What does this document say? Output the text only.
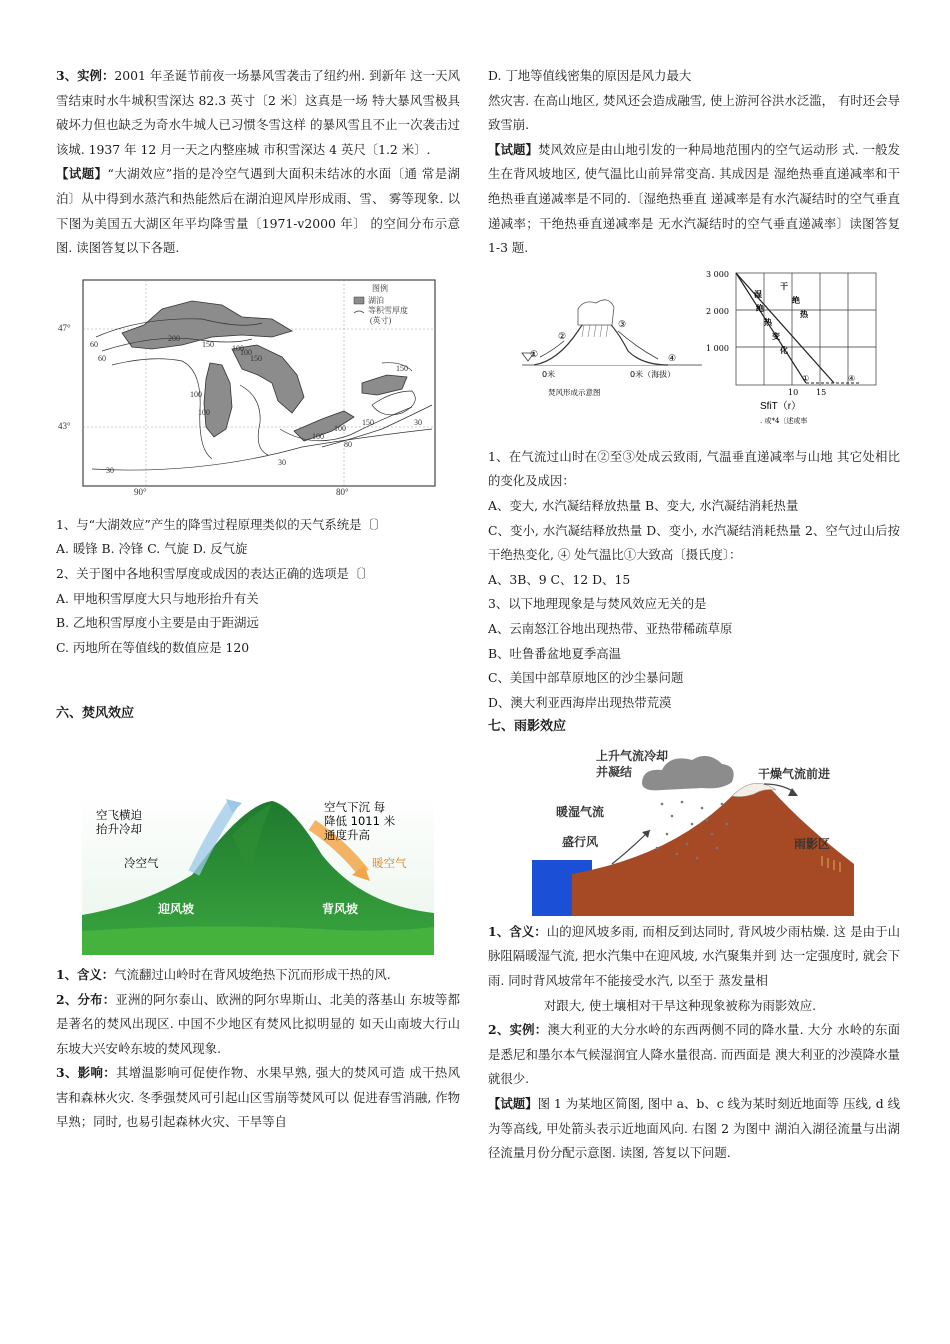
3、实例：2001 年圣诞节前夜一场暴风雪袭击了纽约州. 到新年 这一天风雪结束时水牛城积雪深达 82.3 英寸〔2 米〕这真是一场 特大暴风雪极具破坏力但也缺乏为奇水牛城人已习惯冬雪这样 的暴风雪且不止一次袭击过该城. 1937 年 12 月一天之内整座城 市积雪深达 4 英尺〔1.2 米〕.

【试题】“大湖效应”指的是冷空气遇到大面积未结冰的水面〔通 常是湖泊〕从中得到水蒸汽和热能然后在湖泊迎风岸形成雨、雪、 雾等现象. 以下图为美国五大湖区年平均降雪量〔1971-v2000 年〕 的空间分布示意图. 读图答复以下各题.

图例
湖泊
等积雪厚度
(英寸)
47°
43°
90°	80°
200
150 100
60
60
100
100
100
150
150
100
100
150
30
30
80
30

1、与“大湖效应”产生的降雪过程原理类似的天气系统是〔〕

A. 暖锋 B. 冷锋 C. 气旋 D. 反气旋

2、关于图中各地积雪厚度或成因的表达正确的选项是〔〕

A. 甲地积雪厚度大只与地形抬升有关

B. 乙地积雪厚度小主要是由于距湖远

C. 丙地所在等值线的数值应是 120

六、焚风效应

空飞横迫
抬升冷却
空气下沉 每
降低 1011 米
通度升高
冷空气	暖空气
迎风坡	背风坡

1、含义：气流翻过山岭时在背风坡绝热下沉而形成干热的风.

2、分布：亚洲的阿尔泰山、欧洲的阿尔卑斯山、北美的落基山 东坡等都是著名的焚风出现区. 中国不少地区有焚风比拟明显的 如天山南坡大行山东坡大兴安岭东坡的焚风现象.

3、影响：其增温影响可促使作物、水果早熟, 强大的焚风可造 成干热风害和森林火灾. 冬季强焚风可引起山区雪崩等焚风可以 促进春雪消融, 作物早熟；同时, 也易引起森林火灾、干旱等自

D. 丁地等值线密集的原因是风力最大

然灾害. 在高山地区, 焚风还会造成融雪, 使上游河谷洪水泛滥， 有时还会导致雪崩.

【试题】焚风效应是由山地引发的一种局地范围内的空气运动形 式. 一般发生在背风坡地区, 使气温比山前异常变高. 其成因是 湿绝热垂直递减率和干绝热垂直递减率是不同的.〔湿绝热垂直 递减率是有水汽凝结时的空气垂直递减率；干绝热垂直递减率是 无水汽凝结时的空气垂直递减率〕读图答复1-3 题.

①
②
③
④
0米	0米（海拔）
焚风形成示意图
3 000
2 000
1 000
10 15
干
绝
热
湿
绝
热
变
化
①	④
SfiT（r）
. 或*4〔述或率

1、在气流过山时在②至③处成云致雨, 气温垂直递减率与山地 其它处相比的变化及成因：

A、变大, 水汽凝结释放热量 B、变大, 水汽凝结消耗热量

C、变小, 水汽凝结释放热量 D、变小, 水汽凝结消耗热量 2、空气过山后按干绝热变化, ④ 处气温比①大致高〔摄氏度〕：

A、3B、9 C、12 D、15

3、以下地理现象是与焚风效应无关的是

A、云南怒江谷地出现热带、亚热带稀疏草原

B、吐鲁番盆地夏季高温

C、美国中部草原地区的沙尘暴问题

D、澳大利亚西海岸出现热带荒漠

七、雨影效应

上升气流冷却
并凝结	干燥气流前进
暖湿气流
盛行风	雨影区

1、含义：山的迎风坡多雨, 而相反到达同时, 背风坡少雨枯燥. 这 是由于山脉阻隔暖湿气流, 把水汽集中在迎风坡, 水汽聚集并到 达一定强度时, 就会下雨. 同时背风坡常年不能接受水汽, 以至于 蒸发量相

对跟大, 使土壤相对干旱这种现象被称为雨影效应.

2、实例：澳大利亚的大分水岭的东西两侧不同的降水量. 大分 水岭的东面是悉尼和墨尔本气候湿润宜人降水量很高. 而西面是 澳大利亚的沙漠降水量就很少.

【试题】图 1 为某地区简图, 图中 a、b、c 线为某时刻近地面等 压线, d 线为等高线, 甲处箭头表示近地面风向. 右图 2 为图中 湖泊入湖径流量与出湖径流量月份分配示意图. 读图, 答复以下问题.
